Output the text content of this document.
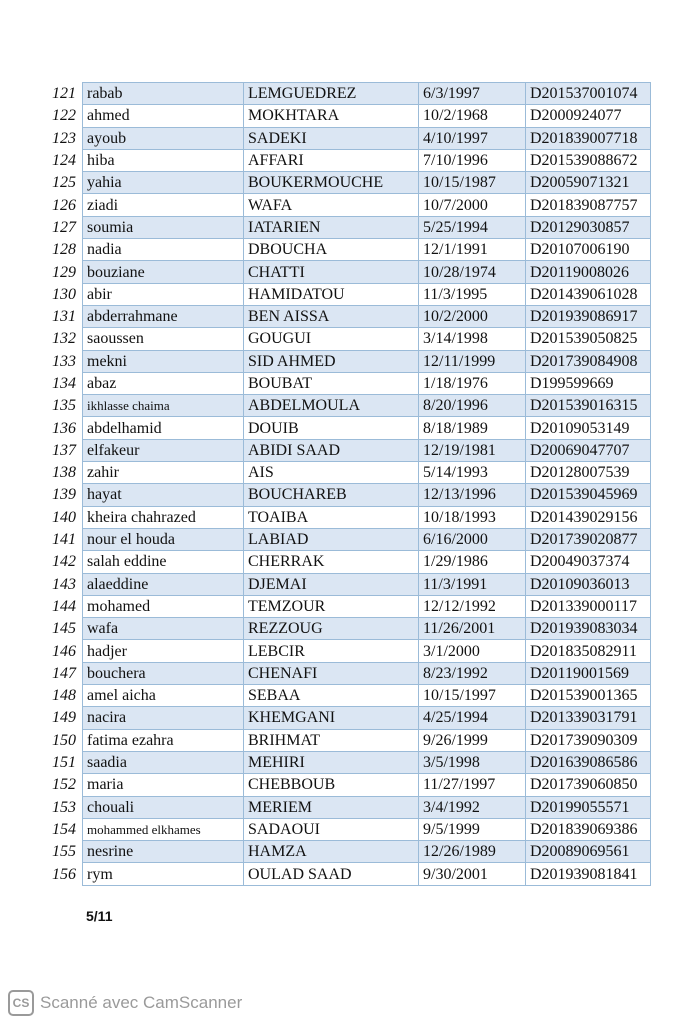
121	rabab	LEMGUEDREZ	6/3/1997	D201537001074
122	ahmed	MOKHTARA	10/2/1968	D2000924077
123	ayoub	SADEKI	4/10/1997	D201839007718
124	hiba	AFFARI	7/10/1996	D201539088672
125	yahia	BOUKERMOUCHE	10/15/1987	D20059071321
126	ziadi	WAFA	10/7/2000	D201839087757
127	soumia	IATARIEN	5/25/1994	D20129030857
128	nadia	DBOUCHA	12/1/1991	D20107006190
129	bouziane	CHATTI	10/28/1974	D20119008026
130	abir	HAMIDATOU	11/3/1995	D201439061028
131	abderrahmane	BEN AISSA	10/2/2000	D201939086917
132	saoussen	GOUGUI	3/14/1998	D201539050825
133	mekni	SID AHMED	12/11/1999	D201739084908
134	abaz	BOUBAT	1/18/1976	D199599669
135	ikhlasse chaima	ABDELMOULA	8/20/1996	D201539016315
136	abdelhamid	DOUIB	8/18/1989	D20109053149
137	elfakeur	ABIDI SAAD	12/19/1981	D20069047707
138	zahir	AIS	5/14/1993	D20128007539
139	hayat	BOUCHAREB	12/13/1996	D201539045969
140	kheira chahrazed	TOAIBA	10/18/1993	D201439029156
141	nour el houda	LABIAD	6/16/2000	D201739020877
142	salah eddine	CHERRAK	1/29/1986	D20049037374
143	alaeddine	DJEMAI	11/3/1991	D20109036013
144	mohamed	TEMZOUR	12/12/1992	D201339000117
145	wafa	REZZOUG	11/26/2001	D201939083034
146	hadjer	LEBCIR	3/1/2000	D201835082911
147	bouchera	CHENAFI	8/23/1992	D20119001569
148	amel aicha	SEBAA	10/15/1997	D201539001365
149	nacira	KHEMGANI	4/25/1994	D201339031791
150	fatima ezahra	BRIHMAT	9/26/1999	D201739090309
151	saadia	MEHIRI	3/5/1998	D201639086586
152	maria	CHEBBOUB	11/27/1997	D201739060850
153	chouali	MERIEM	3/4/1992	D20199055571
154	mohammed elkhames	SADAOUI	9/5/1999	D201839069386
155	nesrine	HAMZA	12/26/1989	D20089069561
156	rym	OULAD SAAD	9/30/2001	D201939081841
5/11
CS Scanné avec CamScanner
